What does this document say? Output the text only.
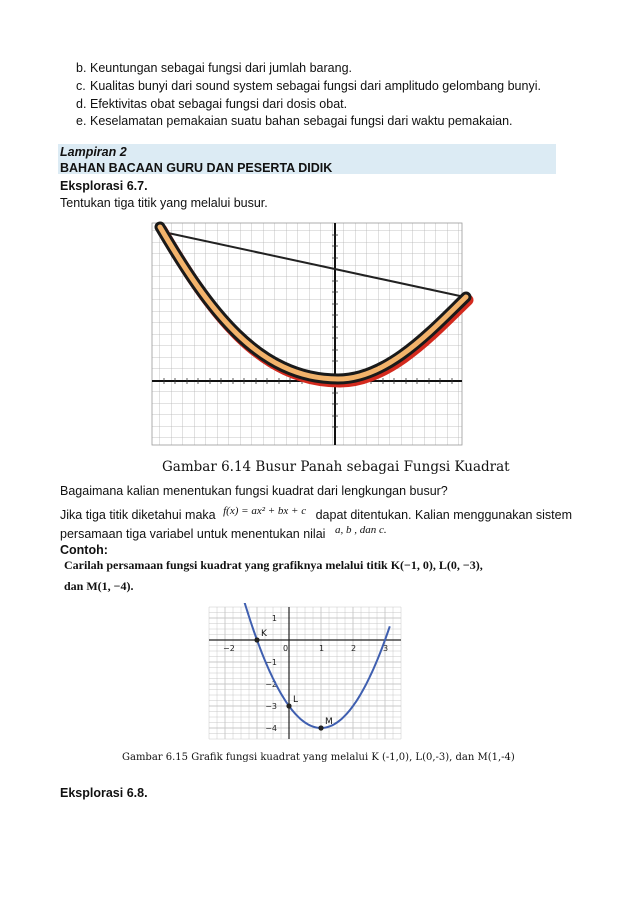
b. Keuntungan sebagai fungsi dari jumlah barang.
c. Kualitas bunyi dari sound system sebagai fungsi dari amplitudo gelombang bunyi.
d. Efektivitas obat sebagai fungsi dari dosis obat.
e. Keselamatan pemakaian suatu bahan sebagai fungsi dari waktu pemakaian.
Lampiran 2
BAHAN BACAAN GURU DAN PESERTA DIDIK
Eksplorasi 6.7.
Tentukan tiga titik yang melalui busur.
Gambar 6.14 Busur Panah sebagai Fungsi Kuadrat
Bagaimana kalian menentukan fungsi kuadrat dari lengkungan busur?
Jika tiga titik diketahui maka f(x) = ax² + bx + c dapat ditentukan. Kalian menggunakan sistem
persamaan tiga variabel untuk menentukan nilai a, b , dan c.
Contoh:
Carilah persamaan fungsi kuadrat yang grafiknya melalui titik K(−1, 0), L(0, −3),
dan M(1, −4).
−2	0	1	2	3
1
−1
−2
−3
−4
K
L
M
Gambar 6.15 Grafik fungsi kuadrat yang melalui K (-1,0), L(0,-3), dan M(1,-4)
Eksplorasi 6.8.
